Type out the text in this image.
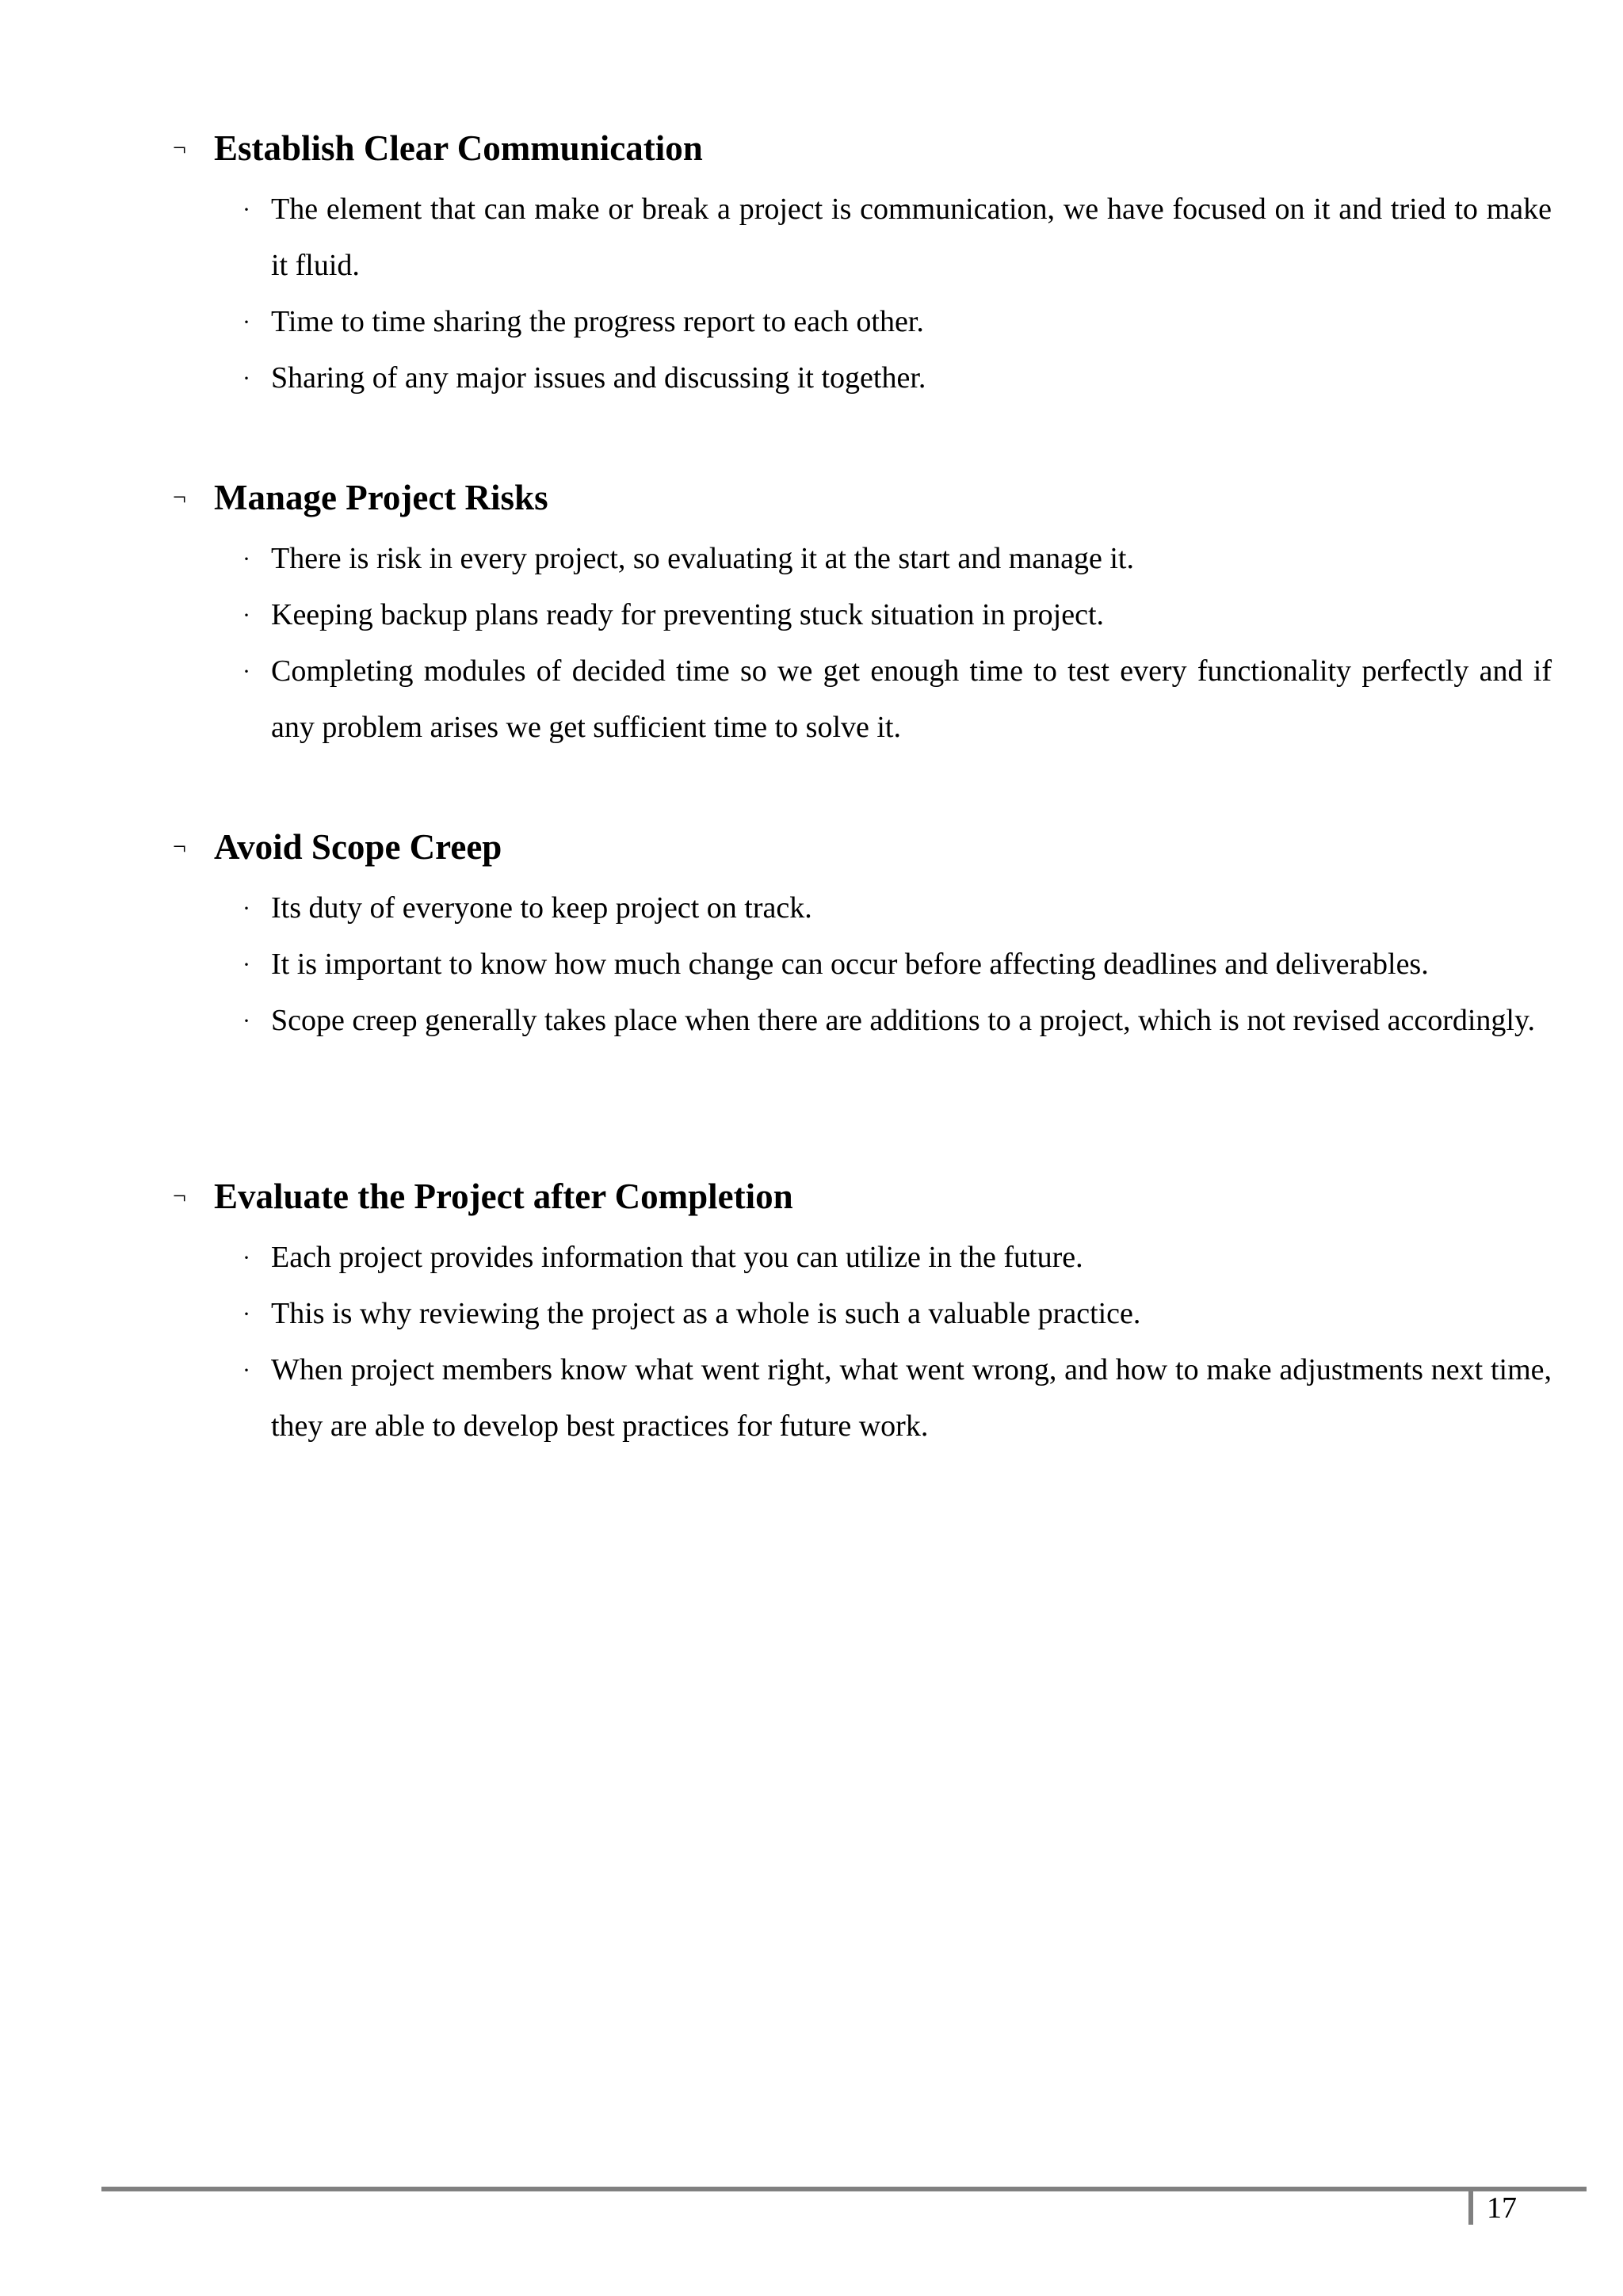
¬ Establish Clear Communication
· The element that can make or break a project is communication, we have focused on it and tried to make it fluid.
· Time to time sharing the progress report to each other.
· Sharing of any major issues and discussing it together.
¬ Manage Project Risks
· There is risk in every project, so evaluating it at the start and manage it.
· Keeping backup plans ready for preventing stuck situation in project.
· Completing modules of decided time so we get enough time to test every functionality perfectly and if any problem arises we get sufficient time to solve it.
¬ Avoid Scope Creep
· Its duty of everyone to keep project on track.
· It is important to know how much change can occur before affecting deadlines and deliverables.
· Scope creep generally takes place when there are additions to a project, which is not revised accordingly.
¬ Evaluate the Project after Completion
· Each project provides information that you can utilize in the future.
· This is why reviewing the project as a whole is such a valuable practice.
· When project members know what went right, what went wrong, and how to make adjustments next time, they are able to develop best practices for future work.
17
